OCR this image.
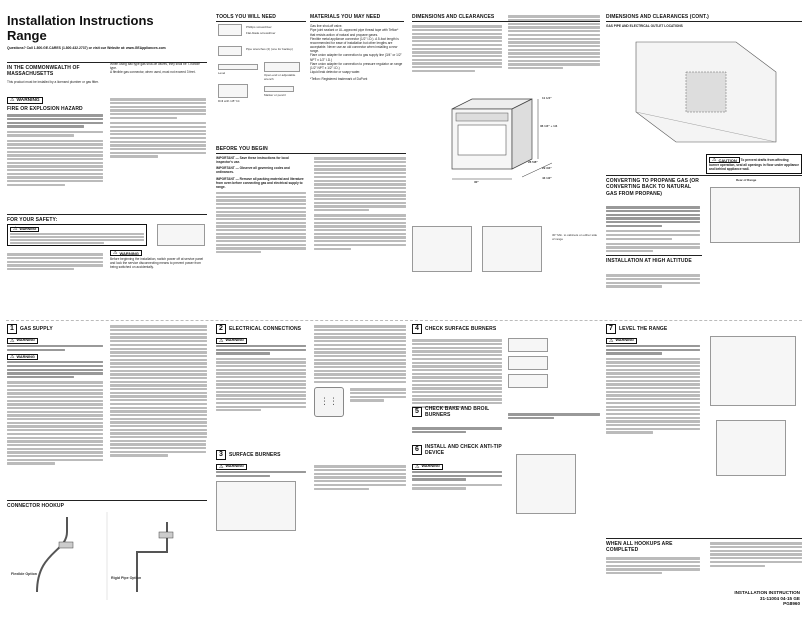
Installation Instructions
Range
Questions? Call 1.800.GE.CARES (1.800.432.2737) or visit our Website at: www.GEAppliances.com
IN THE COMMONWEALTH OF MASSACHUSETTS
This product must be installed by a licensed plumber or gas fitter.
When using ball type gas shut-off valves, they shall be T-handle type.
A flexible gas connector, when used, must not exceed 3 feet.
⚠ WARNING
FIRE OR EXPLOSION HAZARD
FOR YOUR SAFETY:
⚠ WARNING
⚠ WARNING
Before beginning the installation, switch power off at service panel and lock the service disconnecting means to prevent power from being switched on accidentally.
TOOLS YOU WILL NEED
Phillips screwdriver
Flat-blade screwdriver
Pipe wrenches (2) (one for backup)
Level	Open-end or adjustable wrench
Drill with 1/8" bit
Marker or pencil
MATERIALS YOU MAY NEED
Gas line shut-off valve.
Pipe joint sealant or UL-approved pipe thread tape with Teflon* that resists action of natural and propane gases.
Flexible metal appliance connector (1/2" I.D.). A 5-foot length is recommended for ease of installation but other lengths are acceptable. Never use an old connector when installing a new range.
Flare union adapter for connection to gas supply line (3/4" or 1/2" NPT x 1/2" I.D.)
Flare union adapter for connection to pressure regulator on range (1/2" NPT x 1/2" I.D.)
Liquid leak detector or soapy water.
*Teflon: Registered trademark of DuPont
BEFORE YOU BEGIN
IMPORTANT — Save these instructions for local inspector's use.
IMPORTANT — Observe all governing codes and ordinances.
IMPORTANT — Remove all packing material and literature from oven before connecting gas and electrical supply to range.
DIMENSIONS AND CLEARANCES
30"
36 1/4" + 1/4
11 1/4"
29 3/4"
28 5/8"
43 1/2"
30" Min. to cabinets on either side of range
DIMENSIONS AND CLEARANCES (CONT.)
GAS PIPE AND ELECTRICAL OUTLET LOCATIONS
⚠ CAUTION To prevent drafts from affecting burner operation, seal all openings in floor under appliance and behind appliance wall.
CONVERTING TO PROPANE GAS (OR CONVERTING BACK TO NATURAL GAS FROM PROPANE)
Rear of Range
INSTALLATION AT HIGH ALTITUDE
1	GAS SUPPLY
⚠ WARNING
⚠ WARNING
CONNECTOR HOOKUP
Flexible Option
Rigid Pipe Option
2	ELECTRICAL CONNECTIONS
⚠ WARNING
⋮⋮
3	SURFACE BURNERS
⚠ WARNING
4	CHECK SURFACE BURNERS
5	CHECK BAKE AND BROIL BURNERS
6	INSTALL AND CHECK ANTI-TIP DEVICE
⚠ WARNING
7	LEVEL THE RANGE
⚠ WARNING
WHEN ALL HOOKUPS ARE COMPLETED
INSTALLATION INSTRUCTION
31-11004 04-15 GE
PG8960
